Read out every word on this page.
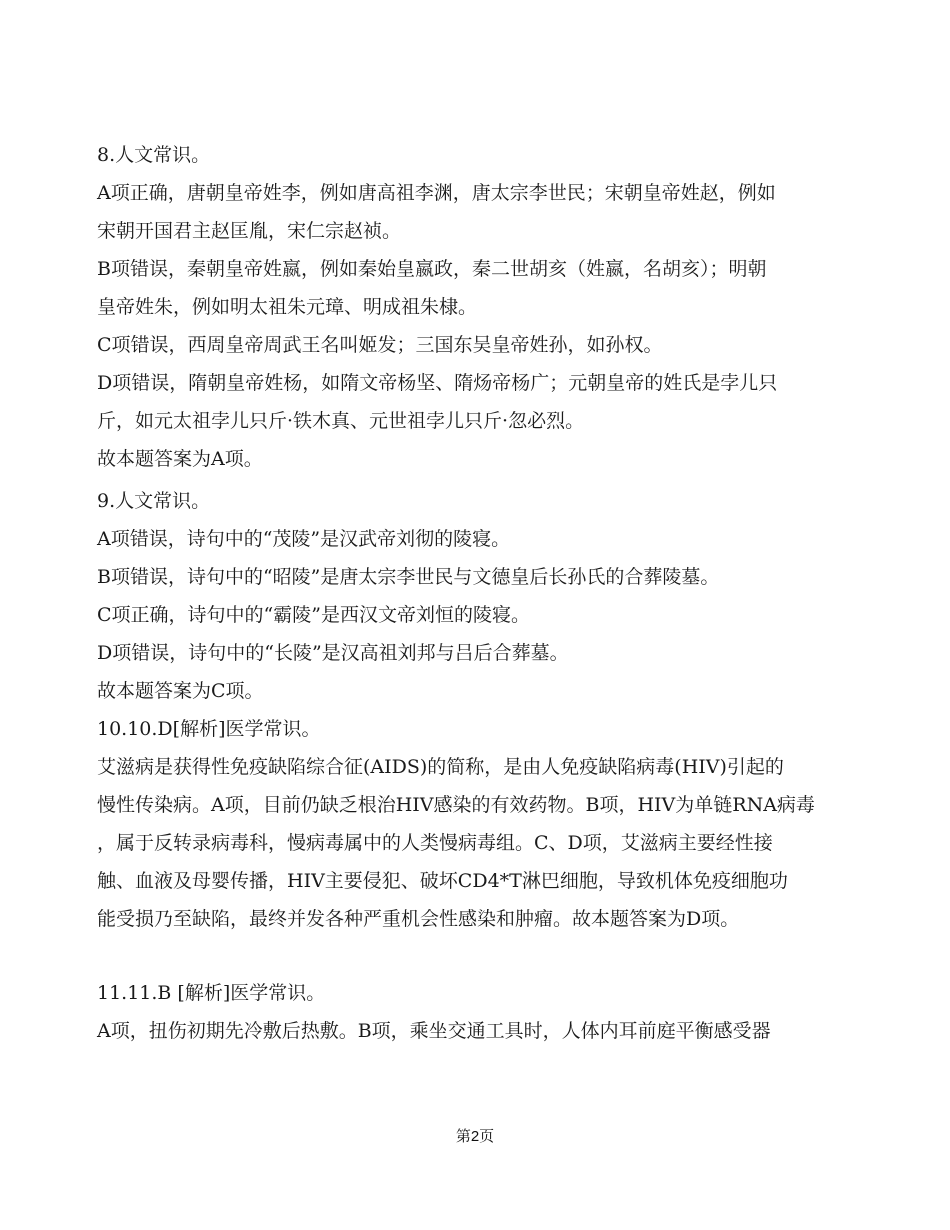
8.人文常识。
A项正确，唐朝皇帝姓李，例如唐高祖李渊，唐太宗李世民；宋朝皇帝姓赵，例如
宋朝开国君主赵匡胤，宋仁宗赵祯。
B项错误，秦朝皇帝姓嬴，例如秦始皇嬴政，秦二世胡亥（姓嬴，名胡亥）；明朝
皇帝姓朱，例如明太祖朱元璋、明成祖朱棣。
C项错误，西周皇帝周武王名叫姬发；三国东吴皇帝姓孙，如孙权。
D项错误，隋朝皇帝姓杨，如隋文帝杨坚、隋炀帝杨广；元朝皇帝的姓氏是孛儿只
斤，如元太祖孛儿只斤·铁木真、元世祖孛儿只斤·忽必烈。
故本题答案为A项。
9.人文常识。
A项错误，诗句中的“茂陵”是汉武帝刘彻的陵寝。
B项错误，诗句中的“昭陵”是唐太宗李世民与文德皇后长孙氏的合葬陵墓。
C项正确，诗句中的“霸陵”是西汉文帝刘恒的陵寝。
D项错误，诗句中的“长陵”是汉高祖刘邦与吕后合葬墓。
故本题答案为C项。
10.10.D[解析]医学常识。
艾滋病是获得性免疫缺陷综合征(AIDS)的简称，是由人免疫缺陷病毒(HIV)引起的
慢性传染病。A项，目前仍缺乏根治HIV感染的有效药物。B项，HIV为单链RNA病毒
，属于反转录病毒科，慢病毒属中的人类慢病毒组。C、D项，艾滋病主要经性接
触、血液及母婴传播，HIV主要侵犯、破坏CD4*T淋巴细胞，导致机体免疫细胞功
能受损乃至缺陷，最终并发各种严重机会性感染和肿瘤。故本题答案为D项。
11.11.B [解析]医学常识。
A项，扭伤初期先冷敷后热敷。B项，乘坐交通工具时，人体内耳前庭平衡感受器
第2页
